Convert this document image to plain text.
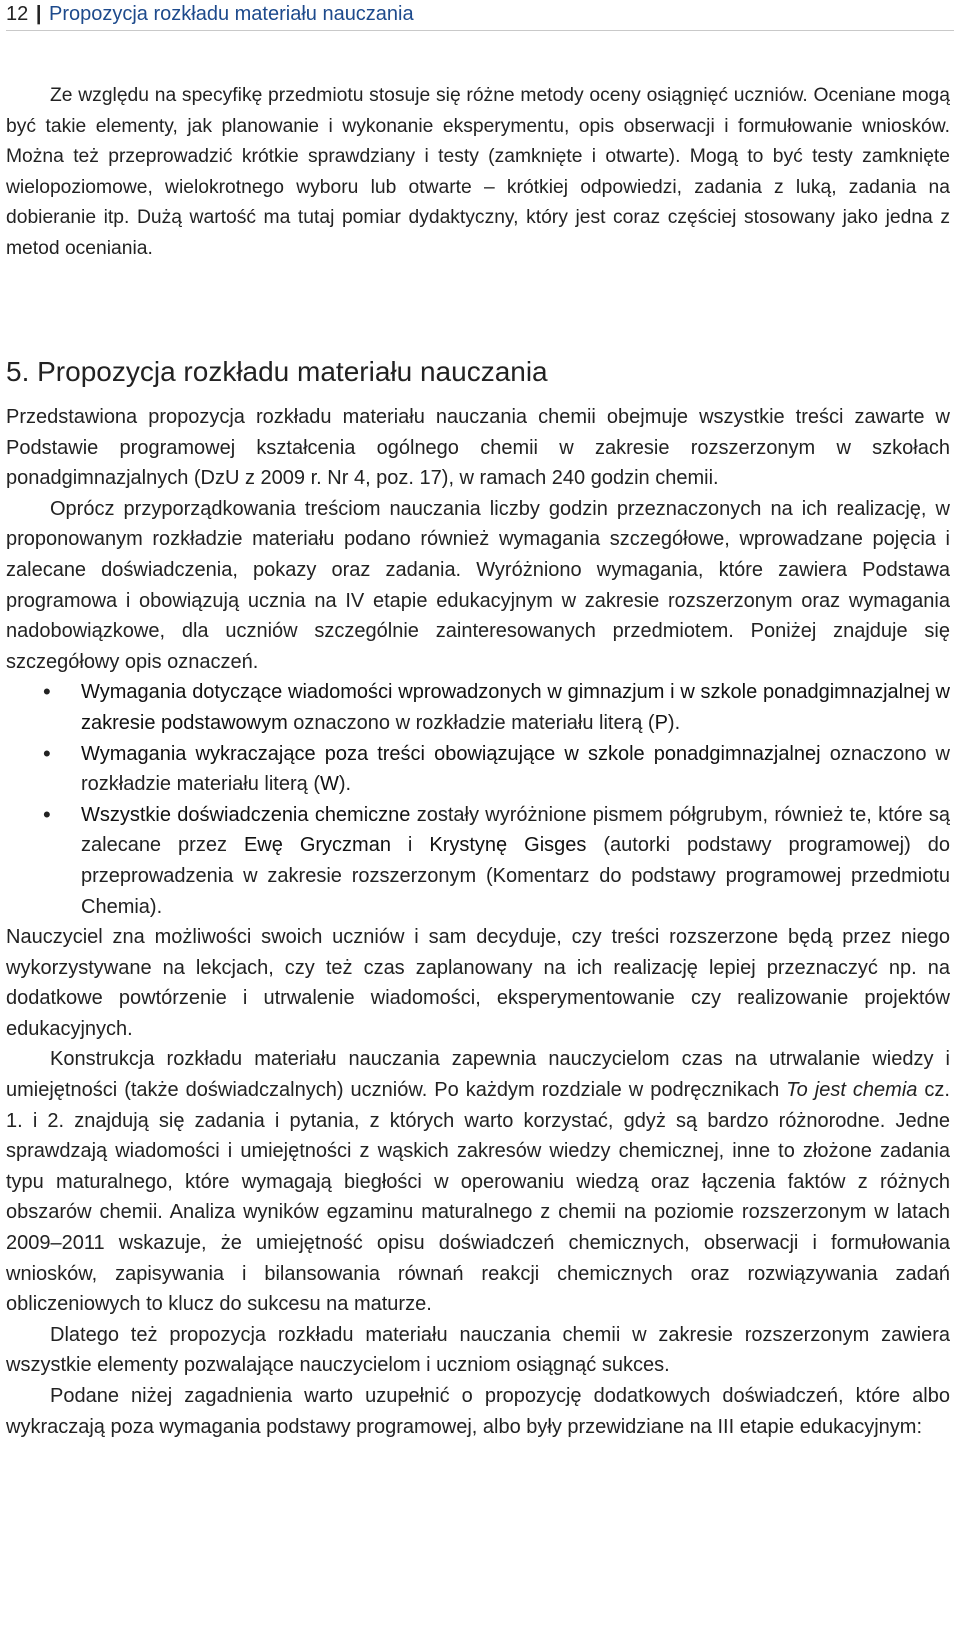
12 | Propozycja rozkładu materiału nauczania

Ze względu na specyfikę przedmiotu stosuje się różne metody oceny osiągnięć uczniów. Oceniane mogą być takie elementy, jak planowanie i wykonanie eksperymentu, opis obserwacji i formułowanie wniosków. Można też przeprowadzić krótkie sprawdziany i testy (zamknięte i otwarte). Mogą to być testy zamknięte wielopoziomowe, wielokrotnego wyboru lub otwarte – krótkiej odpowiedzi, zadania z luką, zadania na dobieranie itp. Dużą wartość ma tutaj pomiar dydaktyczny, który jest coraz częściej stosowany jako jedna z metod oceniania.

5. Propozycja rozkładu materiału nauczania

Przedstawiona propozycja rozkładu materiału nauczania chemii obejmuje wszystkie treści zawarte w Podstawie programowej kształcenia ogólnego chemii w zakresie rozszerzonym w szkołach ponadgimnazjalnych (DzU z 2009 r. Nr 4, poz. 17), w ramach 240 godzin chemii.

Oprócz przyporządkowania treściom nauczania liczby godzin przeznaczonych na ich realizację, w proponowanym rozkładzie materiału podano również wymagania szczegółowe, wprowadzane pojęcia i zalecane doświadczenia, pokazy oraz zadania. Wyróżniono wymagania, które zawiera Podstawa programowa i obowiązują ucznia na IV etapie edukacyjnym w zakresie rozszerzonym oraz wymagania nadobowiązkowe, dla uczniów szczególnie zainteresowanych przedmiotem. Poniżej znajduje się szczegółowy opis oznaczeń.

• Wymagania dotyczące wiadomości wprowadzonych w gimnazjum i w szkole ponadgimnazjalnej w zakresie podstawowym oznaczono w rozkładzie materiału literą (P).
• Wymagania wykraczające poza treści obowiązujące w szkole ponadgimnazjalnej oznaczono w rozkładzie materiału literą (W).
• Wszystkie doświadczenia chemiczne zostały wyróżnione pismem półgrubym, również te, które są zalecane przez Ewę Gryczman i Krystynę Gisges (autorki podstawy programowej) do przeprowadzenia w zakresie rozszerzonym (Komentarz do podstawy programowej przedmiotu Chemia).

Nauczyciel zna możliwości swoich uczniów i sam decyduje, czy treści rozszerzone będą przez niego wykorzystywane na lekcjach, czy też czas zaplanowany na ich realizację lepiej przeznaczyć np. na dodatkowe powtórzenie i utrwalenie wiadomości, eksperymentowanie czy realizowanie projektów edukacyjnych.

Konstrukcja rozkładu materiału nauczania zapewnia nauczycielom czas na utrwalanie wiedzy i umiejętności (także doświadczalnych) uczniów. Po każdym rozdziale w podręcznikach To jest chemia cz. 1. i 2. znajdują się zadania i pytania, z których warto korzystać, gdyż są bardzo różnorodne. Jedne sprawdzają wiadomości i umiejętności z wąskich zakresów wiedzy chemicznej, inne to złożone zadania typu maturalnego, które wymagają biegłości w operowaniu wiedzą oraz łączenia faktów z różnych obszarów chemii. Analiza wyników egzaminu maturalnego z chemii na poziomie rozszerzonym w latach 2009–2011 wskazuje, że umiejętność opisu doświadczeń chemicznych, obserwacji i formułowania wniosków, zapisywania i bilansowania równań reakcji chemicznych oraz rozwiązywania zadań obliczeniowych to klucz do sukcesu na maturze.

Dlatego też propozycja rozkładu materiału nauczania chemii w zakresie rozszerzonym zawiera wszystkie elementy pozwalające nauczycielom i uczniom osiągnąć sukces.

Podane niżej zagadnienia warto uzupełnić o propozycję dodatkowych doświadczeń, które albo wykraczają poza wymagania podstawy programowej, albo były przewidziane na III etapie edukacyjnym:
